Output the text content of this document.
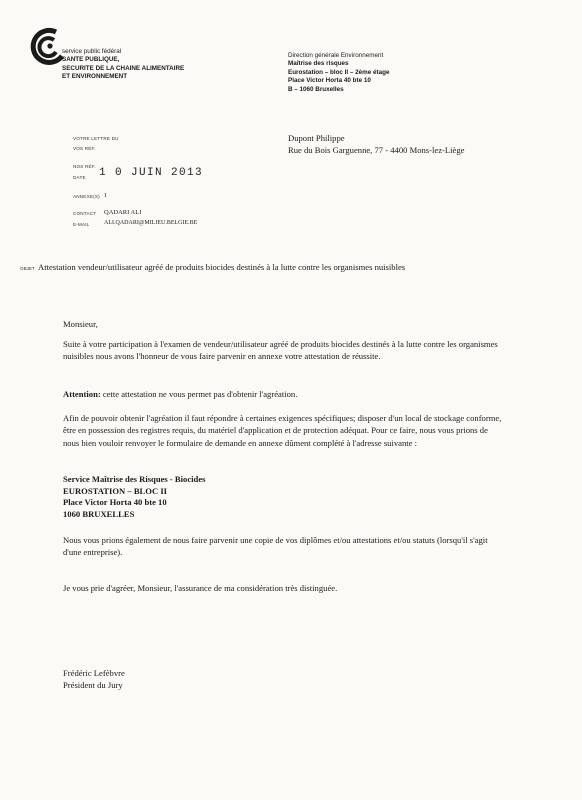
service public fédéral
SANTE PUBLIQUE,
SECURITE DE LA CHAINE ALIMENTAIRE
ET ENVIRONNEMENT
Direction générale Environnement
Maîtrise des risques
Eurostation – bloc II – 2ème étage
Place Victor Horta 40 bte 10
B – 1060 Bruxelles
VOTRE LETTRE DU
VOS RÉF.
NOS RÉF.
DATE 1 0 JUIN 2013
ANNEXE(S) 1
CONTACT QADARI ALI
E-MAIL ALI.QADARI@MILIEU.BELGIE.BE
Dupont Philippe
Rue du Bois Garguenne, 77 - 4400 Mons-lez-Liège
OBJET Attestation vendeur/utilisateur agréé de produits biocides destinés à la lutte contre les organismes nuisibles
Monsieur,

Suite à votre participation à l'examen de vendeur/utilisateur agréé de produits biocides destinés à la lutte contre les organismes nuisibles nous avons l'honneur de vous faire parvenir en annexe votre attestation de réussite.

Attention: cette attestation ne vous permet pas d'obtenir l'agréation.

Afin de pouvoir obtenir l'agréation il faut répondre à certaines exigences spécifiques; disposer d'un local de stockage conforme, être en possession des registres requis, du matériel d'application et de protection adéquat. Pour ce faire, nous vous prions de nous bien vouloir renvoyer le formulaire de demande en annexe dûment complété à l'adresse suivante :

Service Maîtrise des Risques - Biocides
EUROSTATION – BLOC II
Place Victor Horta 40 bte 10
1060 BRUXELLES

Nous vous prions également de nous faire parvenir une copie de vos diplômes et/ou attestations et/ou statuts (lorsqu'il s'agit d'une entreprise).

Je vous prie d'agréer, Monsieur, l'assurance de ma considération très distinguée.

Frédéric Lefèbvre
Président du Jury
